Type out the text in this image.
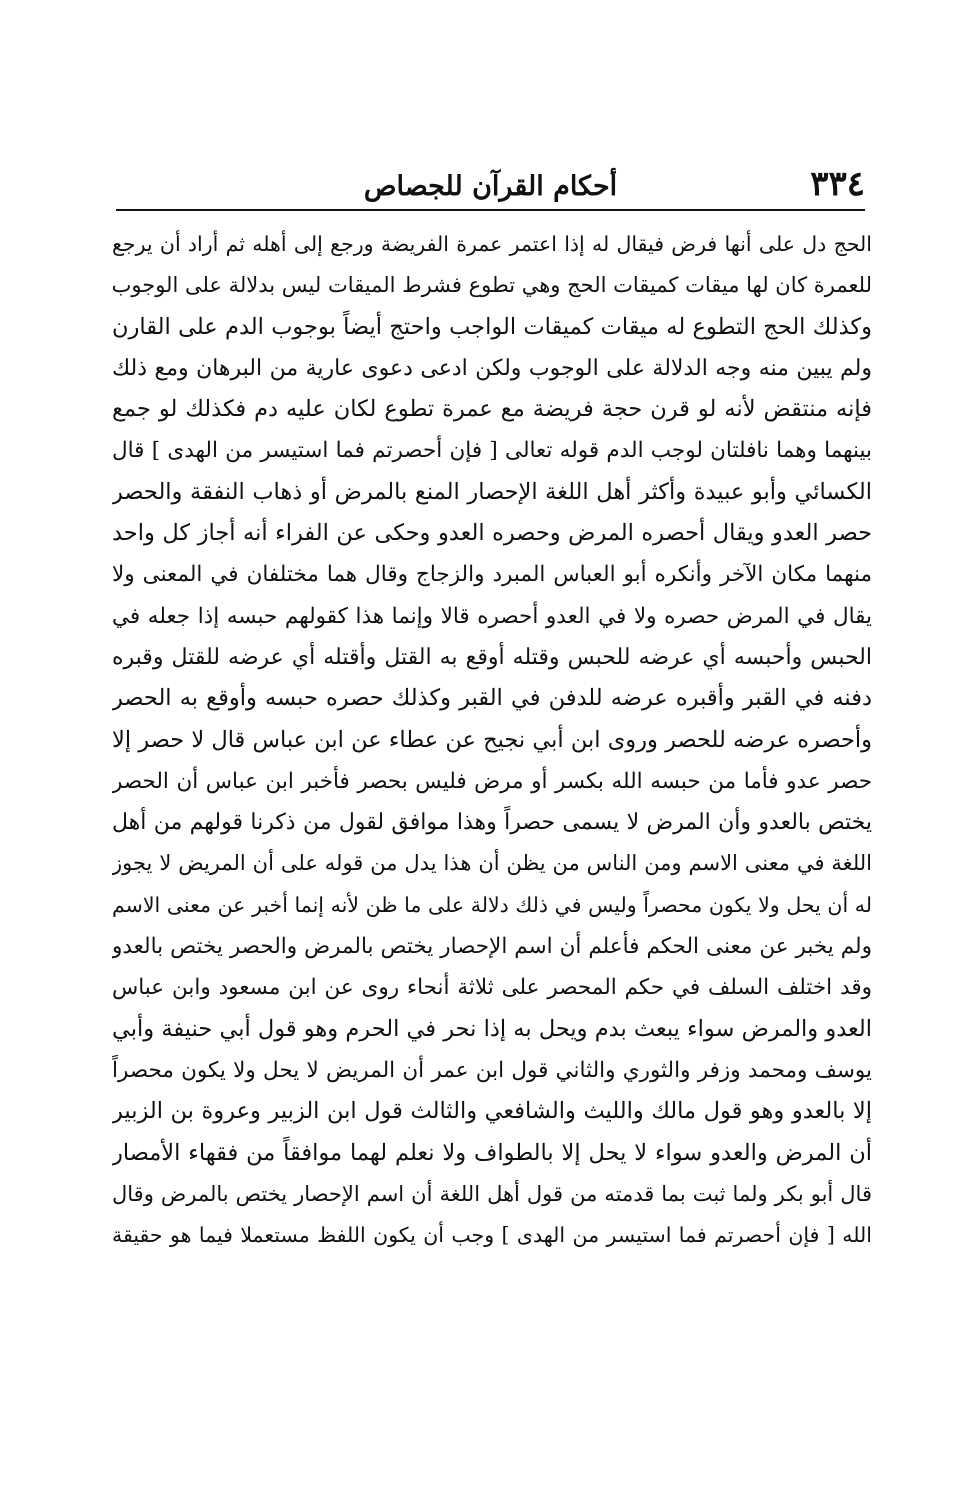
٣٣٤
أحكام القرآن للجصاص
الحج دل على أنها فرض فيقال له إذا اعتمر عمرة الفريضة ورجع إلى أهله ثم أراد أن يرجع
للعمرة كان لها ميقات كميقات الحج وهي تطوع فشرط الميقات ليس بدلالة على الوجوب
وكذلك الحج التطوع له ميقات كميقات الواجب واحتج أيضاً بوجوب الدم على القارن
ولم يبين منه وجه الدلالة على الوجوب ولكن ادعى دعوى عارية من البرهان ومع ذلك
فإنه منتقض لأنه لو قرن حجة فريضة مع عمرة تطوع لكان عليه دم فكذلك لو جمع
بينهما وهما نافلتان لوجب الدم قوله تعالى [ فإن أحصرتم فما استيسر من الهدى ] قال
الكسائي وأبو عبيدة وأكثر أهل اللغة الإحصار المنع بالمرض أو ذهاب النفقة والحصر
حصر العدو ويقال أحصره المرض وحصره العدو وحكى عن الفراء أنه أجاز كل واحد
منهما مكان الآخر وأنكره أبو العباس المبرد والزجاج وقال هما مختلفان في المعنى ولا
يقال في المرض حصره ولا في العدو أحصره قالا وإنما هذا كقولهم حبسه إذا جعله في
الحبس وأحبسه أي عرضه للحبس وقتله أوقع به القتل وأقتله أي عرضه للقتل وقبره
دفنه في القبر وأقبره عرضه للدفن في القبر وكذلك حصره حبسه وأوقع به الحصر
وأحصره عرضه للحصر وروى ابن أبي نجيح عن عطاء عن ابن عباس قال لا حصر إلا
حصر عدو فأما من حبسه الله بكسر أو مرض فليس بحصر فأخبر ابن عباس أن الحصر
يختص بالعدو وأن المرض لا يسمى حصراً وهذا موافق لقول من ذكرنا قولهم من أهل
اللغة في معنى الاسم ومن الناس من يظن أن هذا يدل من قوله على أن المريض لا يجوز
له أن يحل ولا يكون محصراً وليس في ذلك دلالة على ما ظن لأنه إنما أخبر عن معنى الاسم
ولم يخبر عن معنى الحكم فأعلم أن اسم الإحصار يختص بالمرض والحصر يختص بالعدو
وقد اختلف السلف في حكم المحصر على ثلاثة أنحاء روى عن ابن مسعود وابن عباس
العدو والمرض سواء يبعث بدم ويحل به إذا نحر في الحرم وهو قول أبي حنيفة وأبي
يوسف ومحمد وزفر والثوري والثاني قول ابن عمر أن المريض لا يحل ولا يكون محصراً
إلا بالعدو وهو قول مالك والليث والشافعي والثالث قول ابن الزبير وعروة بن الزبير
أن المرض والعدو سواء لا يحل إلا بالطواف ولا نعلم لهما موافقاً من فقهاء الأمصار
قال أبو بكر ولما ثبت بما قدمته من قول أهل اللغة أن اسم الإحصار يختص بالمرض وقال
الله [ فإن أحصرتم فما استيسر من الهدى ] وجب أن يكون اللفظ مستعملا فيما هو حقيقة
